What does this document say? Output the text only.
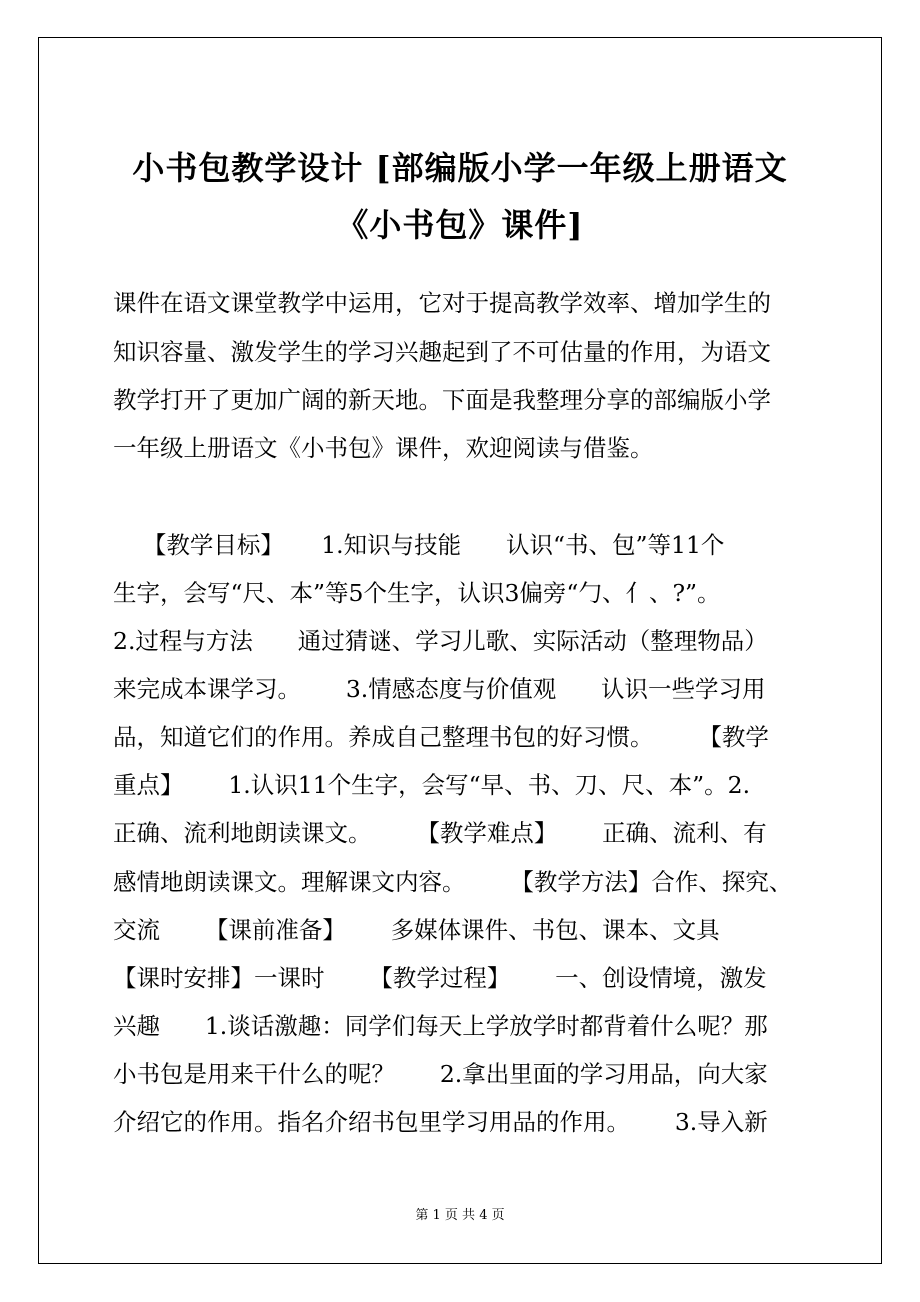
小书包教学设计 [部编版小学一年级上册语文
《小书包》课件]
课件在语文课堂教学中运用，它对于提高教学效率、增加学生的
知识容量、激发学生的学习兴趣起到了不可估量的作用，为语文
教学打开了更加广阔的新天地。下面是我整理分享的部编版小学
一年级上册语文《小书包》课件，欢迎阅读与借鉴。
【教学目标】     1.知识与技能      认识“书、包”等11个
生字，会写“尺、本”等5个生字，认识3偏旁“勹、亻、?”。
2.过程与方法      通过猜谜、学习儿歌、实际活动（整理物品）
来完成本课学习。      3.情感态度与价值观      认识一些学习用
品，知道它们的作用。养成自己整理书包的好习惯。      【教学
重点】      1.认识11个生字，会写“早、书、刀、尺、本”。2.
正确、流利地朗读课文。      【教学难点】      正确、流利、有
感情地朗读课文。理解课文内容。      【教学方法】合作、探究、
交流      【课前准备】      多媒体课件、书包、课本、文具
【课时安排】一课时      【教学过程】      一、创设情境，激发
兴趣      1.谈话激趣：同学们每天上学放学时都背着什么呢？那
小书包是用来干什么的呢？      2.拿出里面的学习用品，向大家
介绍它的作用。指名介绍书包里学习用品的作用。      3.导入新
第 1 页 共 4 页
